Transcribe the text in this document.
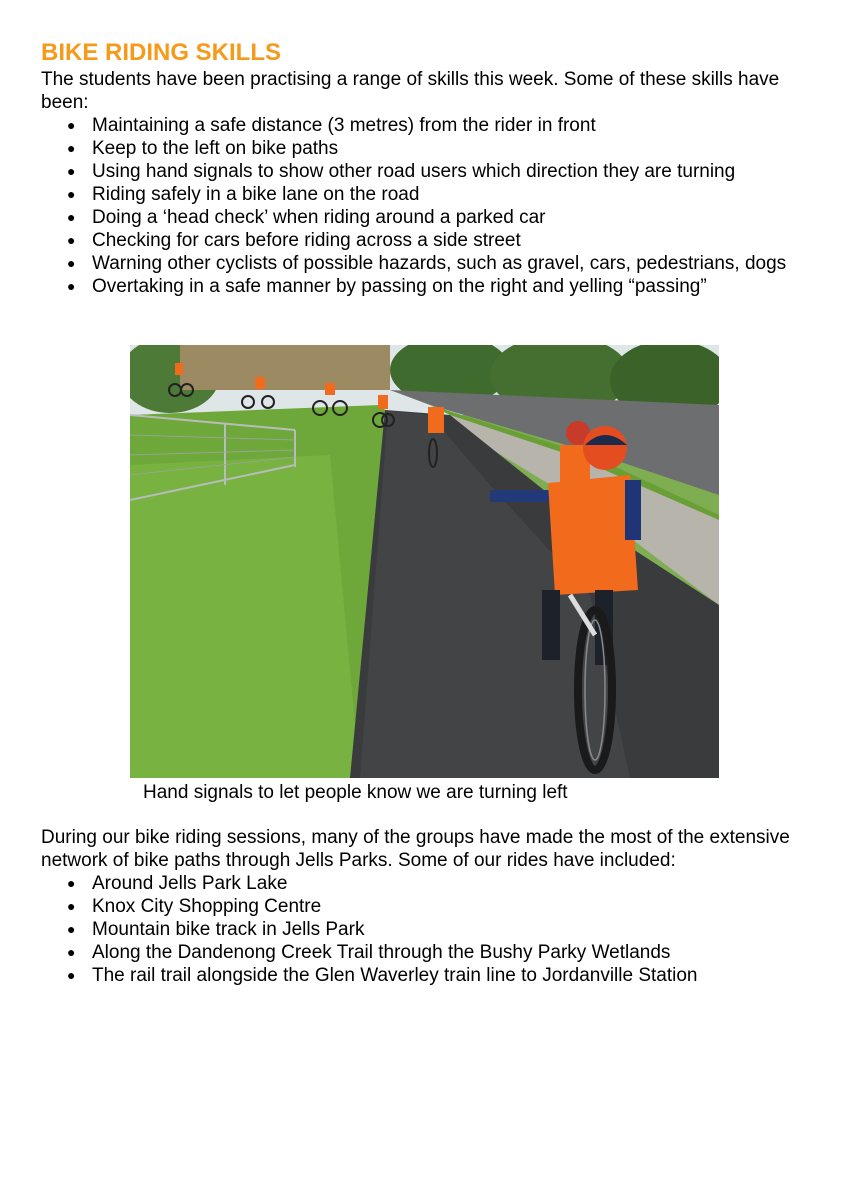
BIKE RIDING SKILLS

The students have been practising a range of skills this week. Some of these skills have been:

● Maintaining a safe distance (3 metres) from the rider in front
● Keep to the left on bike paths
● Using hand signals to show other road users which direction they are turning
● Riding safely in a bike lane on the road
● Doing a ‘head check’ when riding around a parked car
● Checking for cars before riding across a side street
● Warning other cyclists of possible hazards, such as gravel, cars, pedestrians, dogs
● Overtaking in a safe manner by passing on the right and yelling “passing”
Hand signals to let people know we are turning left

During our bike riding sessions, many of the groups have made the most of the extensive network of bike paths through Jells Parks. Some of our rides have included:

● Around Jells Park Lake
● Knox City Shopping Centre
● Mountain bike track in Jells Park
● Along the Dandenong Creek Trail through the Bushy Parky Wetlands
● The rail trail alongside the Glen Waverley train line to Jordanville Station
